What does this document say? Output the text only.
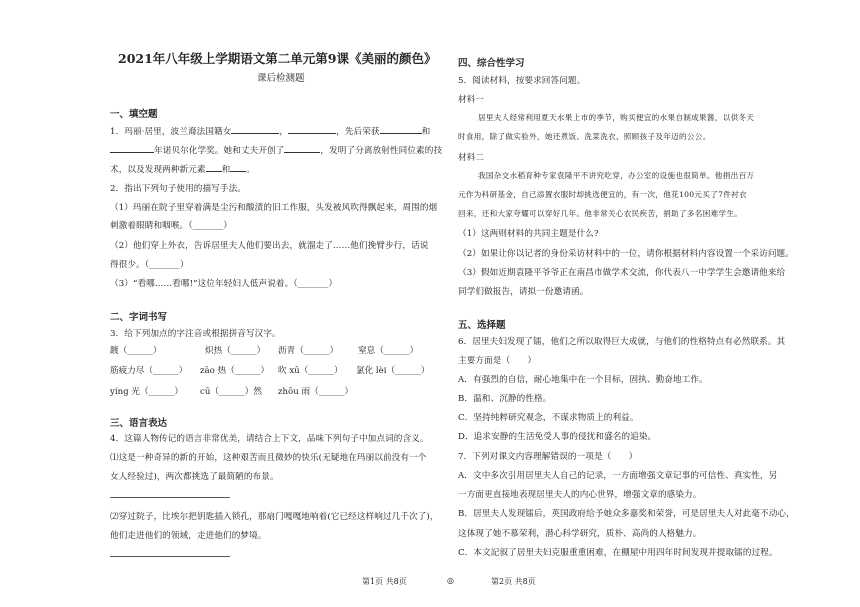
2021年八年级上学期语文第二单元第9课《美丽的颜色》
课后检测题
一、填空题
1．玛丽·居里，波兰裔法国籍女	，	，先后荣获	和
年诺贝尔化学奖。她和丈夫开创了	，发明了分离放射性同位素的技
术，以及发现两种新元素 和 。
2．指出下列句子使用的描写手法。
（1）玛丽在院子里穿着满是尘污和酸渍的旧工作服，头发被风吹得飘起来，周围的烟
刺激着眼睛和咽喉。（_______）
（2）他们穿上外衣，告诉居里夫人他们要出去，就溜走了……他们挽臂步行，话说
得很少。（_______）
（3）“看哪……看哪!”这位年轻妇人低声说着。（_______）
二、字词书写
3．给下列加点的字注音或根据拼音写汉字。
踱（______）	炽热（______） 沥青（______） 窒息（______）
筋疲力尽（______） zāo 热（______） 吹 xū（______） 氯化 lèi（______）
yíng 光（______） cū（______）然 zhōu 雨（______）
三、语言表达
4．这篇人物传记的语言非常优美，请结合上下文，品味下列句子中加点词的含义。
⑴这是一种奇异的新的开始，这种艰苦而且微妙的快乐(无疑地在玛丽以前没有一个
女人经验过)，两次都挑选了最简陋的布景。
⑵穿过院子，比埃尔把钥匙插入锁孔，那扇门嘎嘎地响着(它已经这样响过几千次了)，
他们走进他们的领域，走进他们的梦境。
四、综合性学习
5．阅读材料，按要求回答问题。
材料一
居里夫人经常利用夏天水果上市的季节，购买便宜的水果自制成果酱，以供冬天
时食用，除了做实验外，她还煮饭、洗菜洗衣、照顾孩子及年迈的公公。
材料二
我国杂交水稻育种专家袁隆平不讲究吃穿，办公室的设施也很简单。他捐出百万
元作为科研基金，自己添置衣服时却挑选便宜的，有一次，他花100元买了7件衬衣
回来，还和大家夸耀可以穿好几年。他非常关心农民疾苦，捐助了多名困难学生。
（1）这两则材料的共同主题是什么?
（2）如果让你以记者的身份采访材料中的一位，请你根据材料内容设置一个采访问题。
（3）假如近期袁隆平爷爷正在南昌市做学术交流，你代表八一中学学生会邀请他来给
同学们做报告，请拟一份邀请函。
五、选择题
6．居里夫妇发现了镭，他们之所以取得巨大成就，与他们的性格特点有必然联系。其
主要方面是（　　）
A．有强烈的自信，耐心地集中在一个目标，固执、勤奋地工作。
B．温和、沉静的性格。
C．坚持纯粹研究观念，不谋求物质上的利益。
D．追求安静的生活免受人事的侵扰和盛名的追染。
7．下列对课文内容理解错误的一项是（　　）
A．文中多次引用居里夫人自己的记录，一方面增强文章记事的可信性、真实性，另
一方面更直接地表现居里夫人的内心世界，增强文章的感染力。
B．居里夫人发现镭后，英国政府给予她众多嘉奖和荣誉，可是居里夫人对此毫不动心，
这体现了她不慕荣利，潜心科学研究，质朴、高尚的人格魅力。
C．本文記叙了居里夫妇克服重重困难，在棚屋中用四年时间发现并提取镭的过程。
第1页 共8页	◎	第2页 共8页
